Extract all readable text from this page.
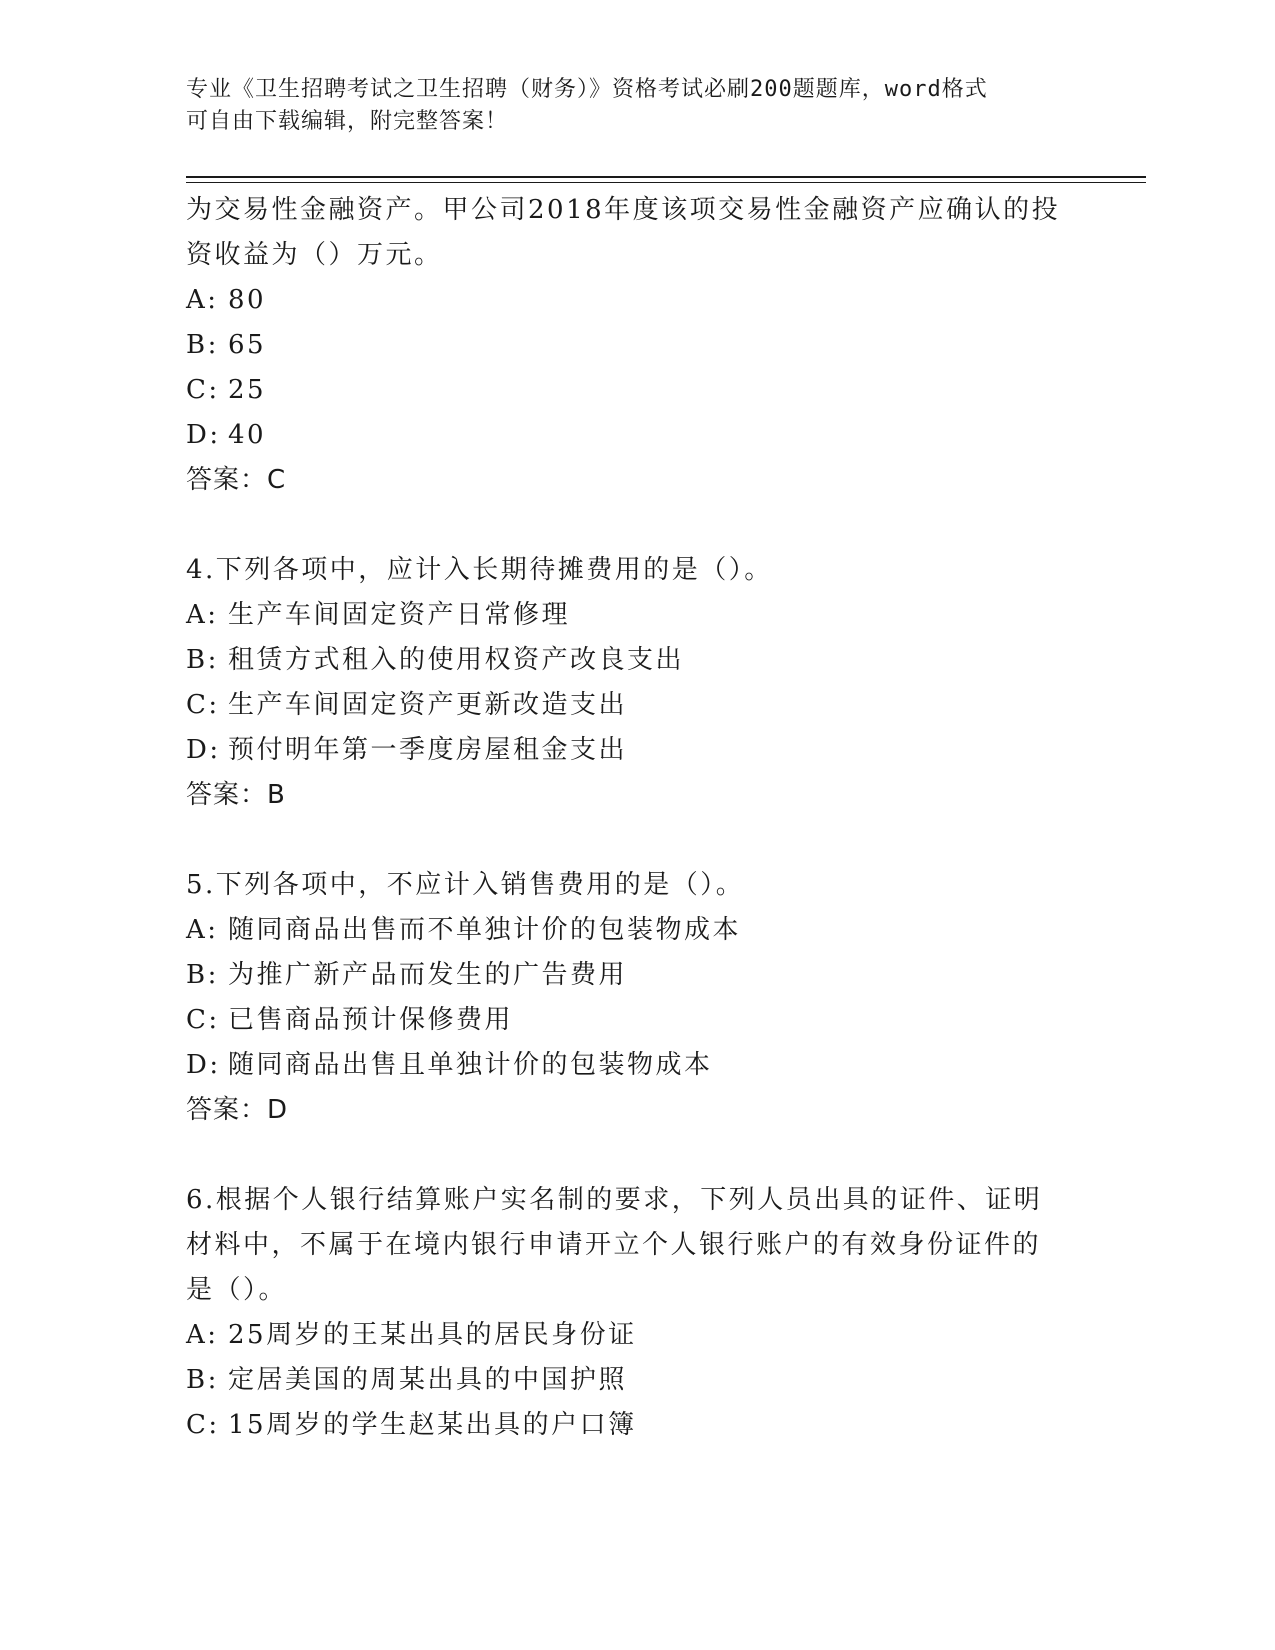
专业《卫生招聘考试之卫生招聘（财务）》资格考试必刷200题题库，word格式
可自由下载编辑，附完整答案！
为交易性金融资产。甲公司2018年度该项交易性金融资产应确认的投
资收益为（）万元。
A: 80
B: 65
C: 25
D: 40
答案：C
4.下列各项中，应计入长期待摊费用的是（）。
A: 生产车间固定资产日常修理
B: 租赁方式租入的使用权资产改良支出
C: 生产车间固定资产更新改造支出
D: 预付明年第一季度房屋租金支出
答案：B
5.下列各项中，不应计入销售费用的是（）。
A: 随同商品出售而不单独计价的包装物成本
B: 为推广新产品而发生的广告费用
C: 已售商品预计保修费用
D: 随同商品出售且单独计价的包装物成本
答案：D
6.根据个人银行结算账户实名制的要求，下列人员出具的证件、证明
材料中，不属于在境内银行申请开立个人银行账户的有效身份证件的
是（）。
A: 25周岁的王某出具的居民身份证
B: 定居美国的周某出具的中国护照
C: 15周岁的学生赵某出具的户口簿
